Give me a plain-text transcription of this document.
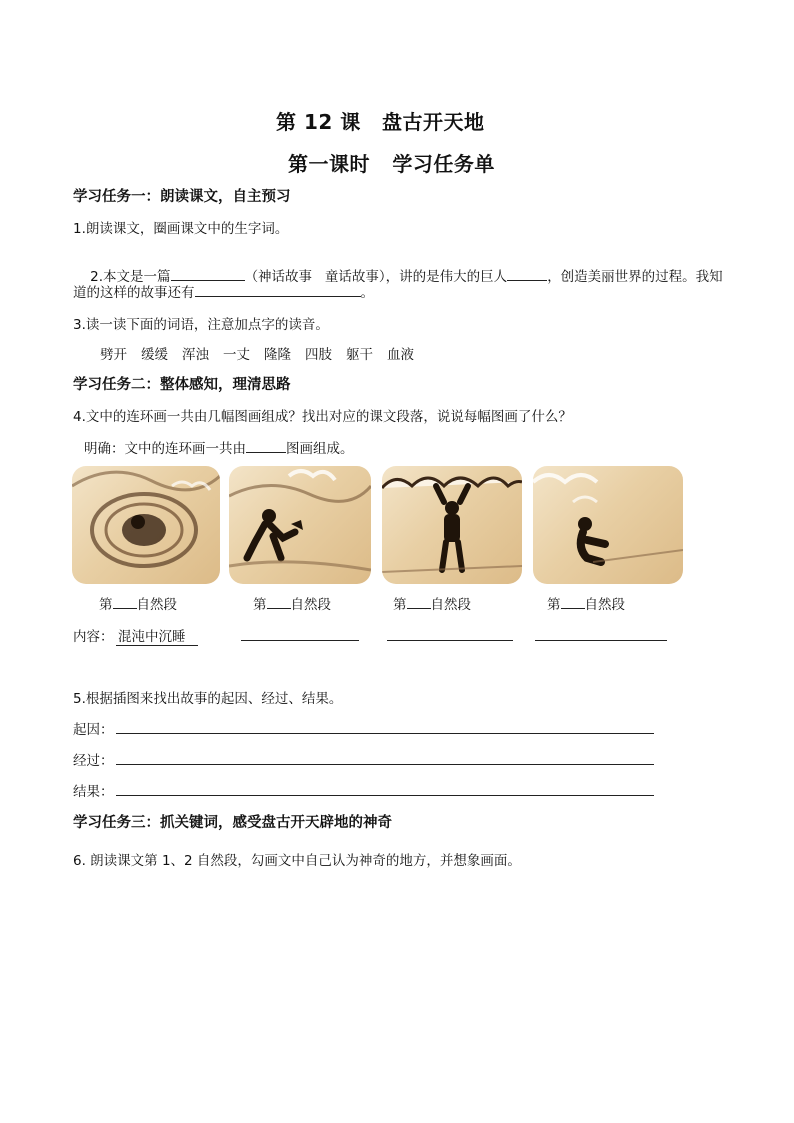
第 12 课 盘古开天地
第一课时   学习任务单
学习任务一：朗读课文，自主预习
1.朗读课文，圈画课文中的生字词。

2.本文是一篇	（神话故事   童话故事），讲的是伟大的巨人	，创造美丽世界的过程。我知

道的这样的故事还有	。
3.读一读下面的词语，注意加点字的读音。
劈开 缓缓 浑浊 一丈 隆隆 四肢 躯干 血液
学习任务二：整体感知，理清思路
4.文中的连环画一共由几幅图画组成？找出对应的课文段落，说说每幅图画了什么？
明确：文中的连环画一共由	图画组成。
第 自然段	第 自然段	第 自然段	第 自然段
内容： 混沌中沉睡
5.根据插图来找出故事的起因、经过、结果。
起因：
经过：
结果：
学习任务三：抓关键词，感受盘古开天辟地的神奇
6. 朗读课文第 1、2 自然段，勾画文中自己认为神奇的地方，并想象画面。
